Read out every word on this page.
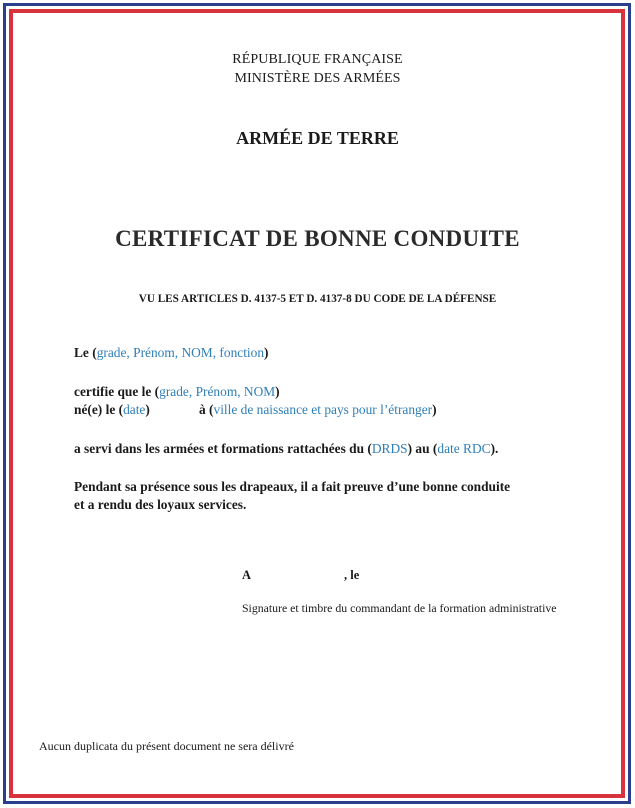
RÉPUBLIQUE FRANÇAISE
MINISTÈRE DES ARMÉES
ARMÉE DE TERRE
CERTIFICAT DE BONNE CONDUITE
VU LES ARTICLES D. 4137-5 ET D. 4137-8 DU CODE DE LA DÉFENSE
Le (grade, Prénom, NOM, fonction)
certifie que le (grade, Prénom, NOM)
né(e) le (date)	à (ville de naissance et pays pour l’étranger)
a servi dans les armées et formations rattachées du (DRDS) au (date RDC).
Pendant sa présence sous les drapeaux, il a fait preuve d’une bonne conduite
et a rendu des loyaux services.
A	, le
Signature et timbre du commandant de la formation administrative
Aucun duplicata du présent document ne sera délivré
